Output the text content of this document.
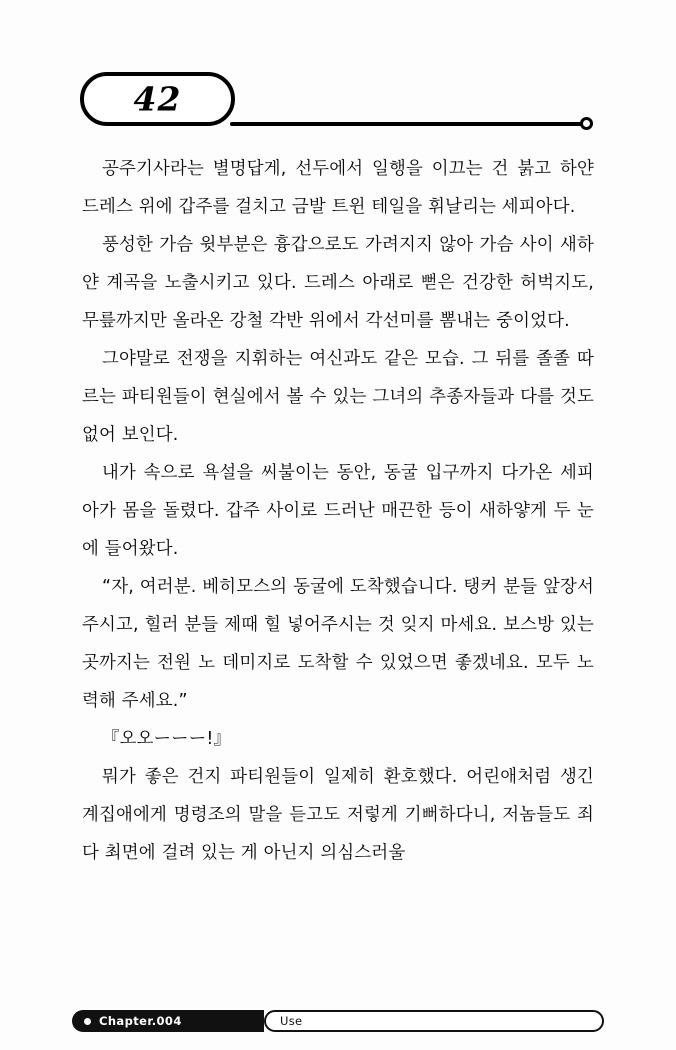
42

공주기사라는 별명답게, 선두에서 일행을 이끄는 건 붉고 하얀 드레스 위에 갑주를 걸치고 금발 트윈 테일을 휘날리는 세피아다.

풍성한 가슴 윗부분은 흉갑으로도 가려지지 않아 가슴 사이 새하얀 계곡을 노출시키고 있다. 드레스 아래로 뻗은 건강한 허벅지도, 무릎까지만 올라온 강철 각반 위에서 각선미를 뽐내는 중이었다.

그야말로 전쟁을 지휘하는 여신과도 같은 모습. 그 뒤를 졸졸 따르는 파티원들이 현실에서 볼 수 있는 그녀의 추종자들과 다를 것도 없어 보인다.

내가 속으로 욕설을 씨불이는 동안, 동굴 입구까지 다가온 세피아가 몸을 돌렸다. 갑주 사이로 드러난 매끈한 등이 새하얗게 두 눈에 들어왔다.

“자, 여러분. 베히모스의 동굴에 도착했습니다. 탱커 분들 앞장서 주시고, 힐러 분들 제때 힐 넣어주시는 것 잊지 마세요. 보스방 있는 곳까지는 전원 노 데미지로 도착할 수 있었으면 좋겠네요. 모두 노력해 주세요.”

『오오ーーー!』

뭐가 좋은 건지 파티원들이 일제히 환호했다. 어린애처럼 생긴 계집애에게 명령조의 말을 듣고도 저렇게 기뻐하다니, 저놈들도 죄다 최면에 걸려 있는 게 아닌지 의심스러울

Chapter.004	Use
